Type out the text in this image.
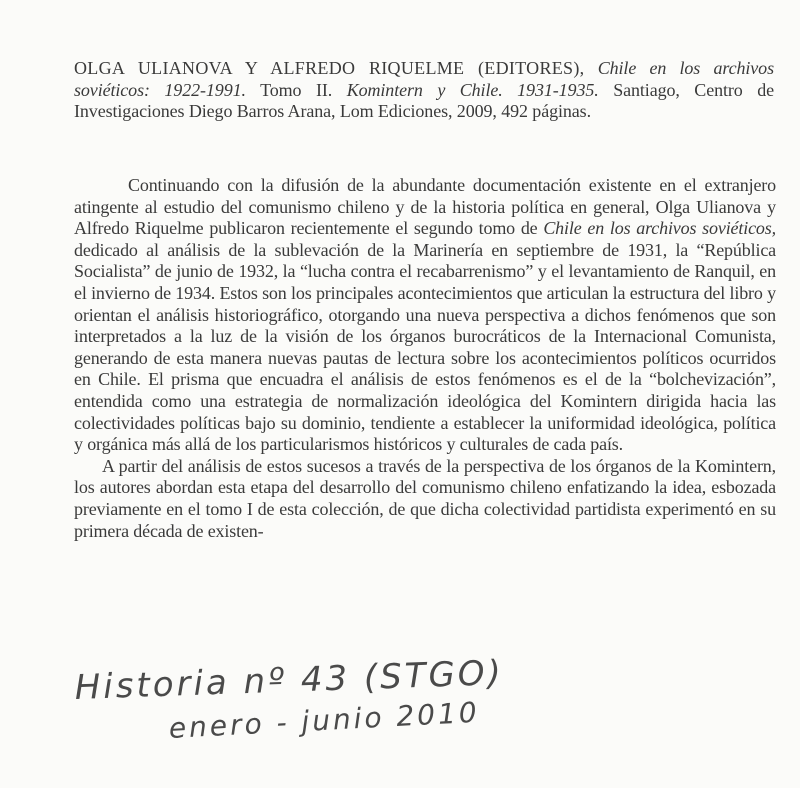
OLGA ULIANOVA Y ALFREDO RIQUELME (EDITORES), Chile en los archivos soviéticos: 1922-1991. Tomo II. Komintern y Chile. 1931-1935. Santiago, Centro de Investigaciones Diego Barros Arana, Lom Ediciones, 2009, 492 páginas.

Continuando con la difusión de la abundante documentación existente en el extranjero atingente al estudio del comunismo chileno y de la historia política en general, Olga Ulianova y Alfredo Riquelme publicaron recientemente el segundo tomo de Chile en los archivos soviéticos, dedicado al análisis de la sublevación de la Marinería en septiembre de 1931, la “República Socialista” de junio de 1932, la “lucha contra el recabarrenismo” y el levantamiento de Ranquil, en el invierno de 1934. Estos son los principales acontecimientos que articulan la estructura del libro y orientan el análisis historiográfico, otorgando una nueva perspectiva a dichos fenómenos que son interpretados a la luz de la visión de los órganos burocráticos de la Internacional Comunista, generando de esta manera nuevas pautas de lectura sobre los acontecimientos políticos ocurridos en Chile. El prisma que encuadra el análisis de estos fenómenos es el de la “bolchevización”, entendida como una estrategia de normalización ideológica del Komintern dirigida hacia las colectividades políticas bajo su dominio, tendiente a establecer la uniformidad ideológica, política y orgánica más allá de los particularismos históricos y culturales de cada país.

A partir del análisis de estos sucesos a través de la perspectiva de los órganos de la Komintern, los autores abordan esta etapa del desarrollo del comunismo chileno enfatizando la idea, esbozada previamente en el tomo I de esta colección, de que dicha colectividad partidista experimentó en su primera década de existen-

Historia nº 43 (STGO)
enero - junio 2010
